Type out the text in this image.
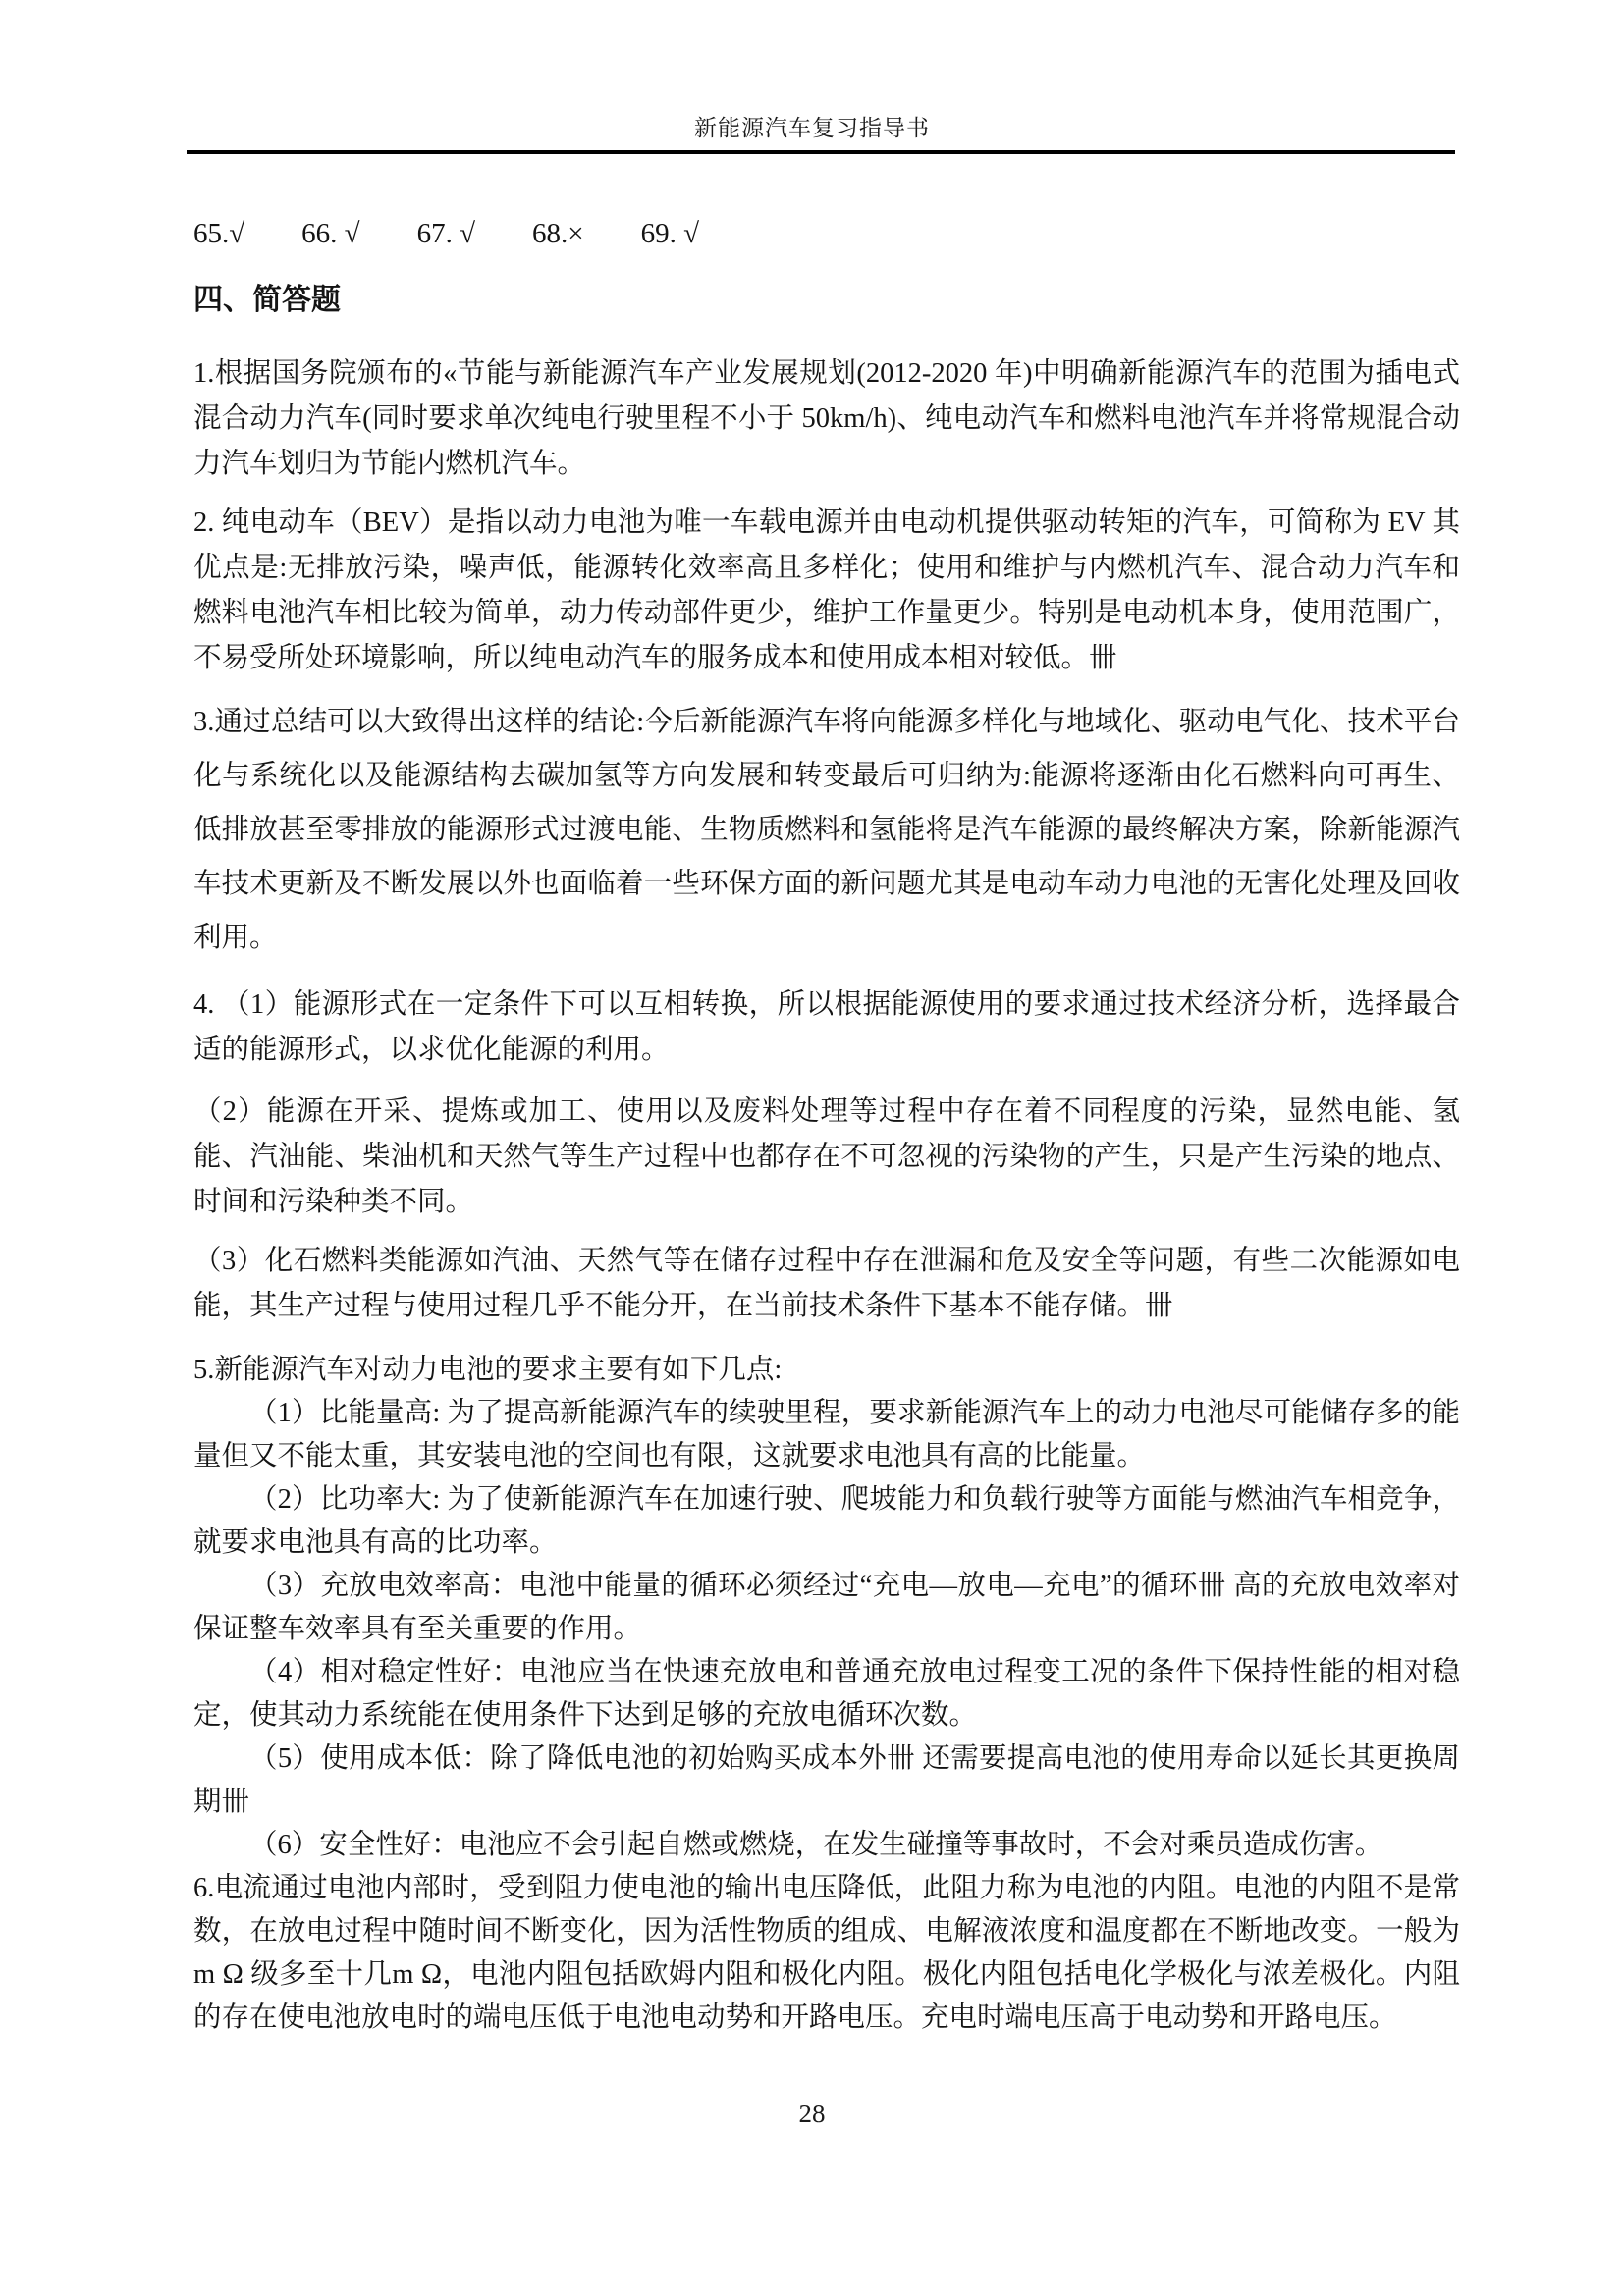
新能源汽车复习指导书
65.√ 66. √ 67. √ 68.× 69. √
四、简答题
1.根据国务院颁布的«节能与新能源汽车产业发展规划(2012-2020 年)中明确新能源汽车的范围为插电式混合动力汽车(同时要求单次纯电行驶里程不小于 50km/h)、纯电动汽车和燃料电池汽车并将常规混合动力汽车划归为节能内燃机汽车。
2. 纯电动车（BEV）是指以动力电池为唯一车载电源并由电动机提供驱动转矩的汽车，可简称为 EV 其优点是:无排放污染，噪声低，能源转化效率高且多样化；使用和维护与内燃机汽车、混合动力汽车和燃料电池汽车相比较为简单，动力传动部件更少，维护工作量更少。特别是电动机本身，使用范围广，不易受所处环境影响，所以纯电动汽车的服务成本和使用成本相对较低。卌
3.通过总结可以大致得出这样的结论:今后新能源汽车将向能源多样化与地域化、驱动电气化、技术平台化与系统化以及能源结构去碳加氢等方向发展和转变最后可归纳为:能源将逐渐由化石燃料向可再生、低排放甚至零排放的能源形式过渡电能、生物质燃料和氢能将是汽车能源的最终解决方案，除新能源汽车技术更新及不断发展以外也面临着一些环保方面的新问题尤其是电动车动力电池的无害化处理及回收利用。
4. （1）能源形式在一定条件下可以互相转换，所以根据能源使用的要求通过技术经济分析，选择最合适的能源形式，以求优化能源的利用。
（2）能源在开采、提炼或加工、使用以及废料处理等过程中存在着不同程度的污染，显然电能、氢能、汽油能、柴油机和天然气等生产过程中也都存在不可忽视的污染物的产生，只是产生污染的地点、时间和污染种类不同。
（3）化石燃料类能源如汽油、天然气等在储存过程中存在泄漏和危及安全等问题，有些二次能源如电能，其生产过程与使用过程几乎不能分开，在当前技术条件下基本不能存储。卌
5.新能源汽车对动力电池的要求主要有如下几点:
（1）比能量高: 为了提高新能源汽车的续驶里程，要求新能源汽车上的动力电池尽可能储存多的能量但又不能太重，其安装电池的空间也有限，这就要求电池具有高的比能量。
（2）比功率大: 为了使新能源汽车在加速行驶、爬坡能力和负载行驶等方面能与燃油汽车相竞争，就要求电池具有高的比功率。
（3）充放电效率高：电池中能量的循环必须经过“充电—放电—充电”的循环卌 高的充放电效率对保证整车效率具有至关重要的作用。
（4）相对稳定性好：电池应当在快速充放电和普通充放电过程变工况的条件下保持性能的相对稳定，使其动力系统能在使用条件下达到足够的充放电循环次数。
（5）使用成本低：除了降低电池的初始购买成本外卌 还需要提高电池的使用寿命以延长其更换周期卌
（6）安全性好：电池应不会引起自燃或燃烧，在发生碰撞等事故时，不会对乘员造成伤害。
6.电流通过电池内部时，受到阻力使电池的输出电压降低，此阻力称为电池的内阻。电池的内阻不是常数，在放电过程中随时间不断变化，因为活性物质的组成、电解液浓度和温度都在不断地改变。一般为m Ω 级多至十几m Ω，电池内阻包括欧姆内阻和极化内阻。极化内阻包括电化学极化与浓差极化。内阻的存在使电池放电时的端电压低于电池电动势和开路电压。充电时端电压高于电动势和开路电压。
28
